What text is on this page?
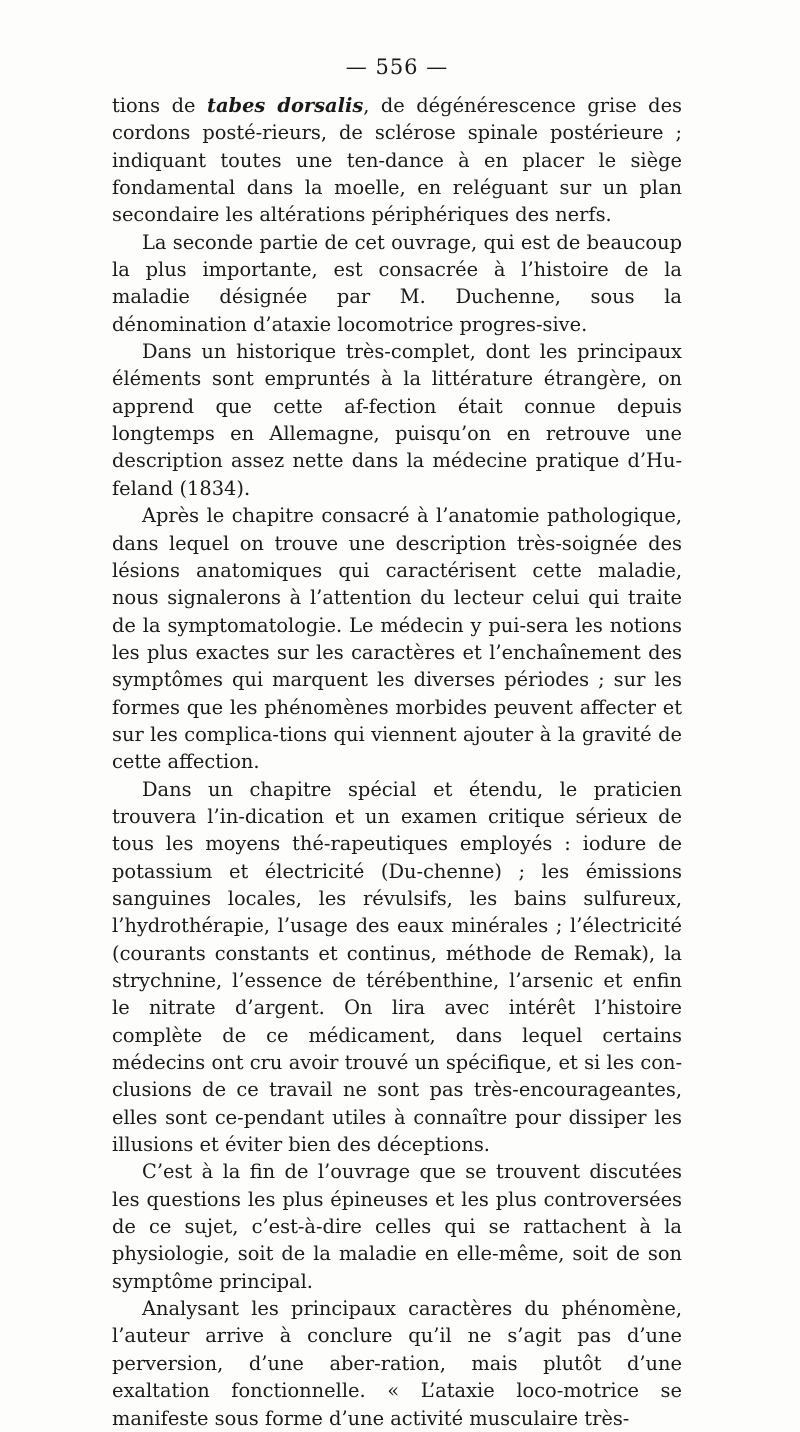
— 556 —

tions de tabes dorsalis, de dégénérescence grise des cordons posté-rieurs, de sclérose spinale postérieure ; indiquant toutes une ten-dance à en placer le siège fondamental dans la moelle, en reléguant sur un plan secondaire les altérations périphériques des nerfs.

La seconde partie de cet ouvrage, qui est de beaucoup la plus importante, est consacrée à l’histoire de la maladie désignée par M. Duchenne, sous la dénomination d’ataxie locomotrice progres-sive.

Dans un historique très-complet, dont les principaux éléments sont empruntés à la littérature étrangère, on apprend que cette af-fection était connue depuis longtemps en Allemagne, puisqu’on en retrouve une description assez nette dans la médecine pratique d’Hu-feland (1834).

Après le chapitre consacré à l’anatomie pathologique, dans lequel on trouve une description très-soignée des lésions anatomiques qui caractérisent cette maladie, nous signalerons à l’attention du lecteur celui qui traite de la symptomatologie. Le médecin y pui-sera les notions les plus exactes sur les caractères et l’enchaînement des symptômes qui marquent les diverses périodes ; sur les formes que les phénomènes morbides peuvent affecter et sur les complica-tions qui viennent ajouter à la gravité de cette affection.

Dans un chapitre spécial et étendu, le praticien trouvera l’in-dication et un examen critique sérieux de tous les moyens thé-rapeutiques employés : iodure de potassium et électricité (Du-chenne) ; les émissions sanguines locales, les révulsifs, les bains sulfureux, l’hydrothérapie, l’usage des eaux minérales ; l’électricité (courants constants et continus, méthode de Remak), la strychnine, l’essence de térébenthine, l’arsenic et enfin le nitrate d’argent. On lira avec intérêt l’histoire complète de ce médicament, dans lequel certains médecins ont cru avoir trouvé un spécifique, et si les con-clusions de ce travail ne sont pas très-encourageantes, elles sont ce-pendant utiles à connaître pour dissiper les illusions et éviter bien des déceptions.

C’est à la fin de l’ouvrage que se trouvent discutées les questions les plus épineuses et les plus controversées de ce sujet, c’est-à-dire celles qui se rattachent à la physiologie, soit de la maladie en elle-même, soit de son symptôme principal.

Analysant les principaux caractères du phénomène, l’auteur arrive à conclure qu’il ne s’agit pas d’une perversion, d’une aber-ration, mais plutôt d’une exaltation fonctionnelle. « L’ataxie loco-motrice se manifeste sous forme d’une activité musculaire très-
